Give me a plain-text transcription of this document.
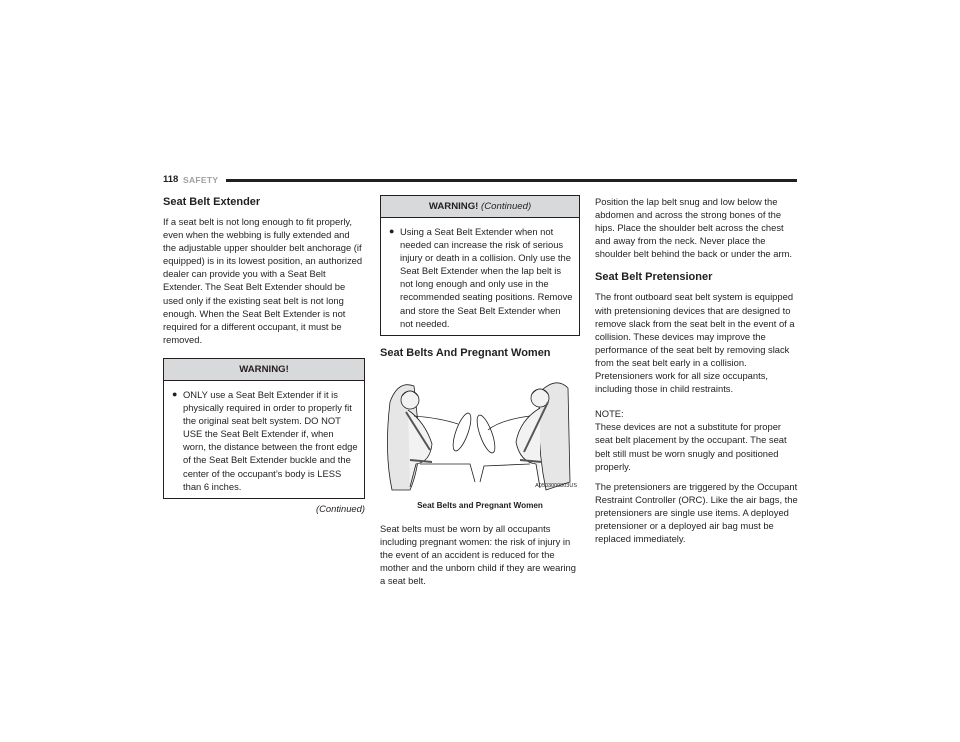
118 SAFETY
Seat Belt Extender

If a seat belt is not long enough to fit properly, even when the webbing is fully extended and the adjustable upper shoulder belt anchorage (if equipped) is in its lowest position, an authorized dealer can provide you with a Seat Belt Extender. The Seat Belt Extender should be used only if the existing seat belt is not long enough. When the Seat Belt Extender is not required for a different occupant, it must be removed.

WARNING!
● ONLY use a Seat Belt Extender if it is physically required in order to properly fit the original seat belt system. DO NOT USE the Seat Belt Extender if, when worn, the distance between the front edge of the Seat Belt Extender buckle and the center of the occupant’s body is LESS than 6 inches.
(Continued)
WARNING! (Continued)
● Using a Seat Belt Extender when not needed can increase the risk of serious injury or death in a collision. Only use the Seat Belt Extender when the lap belt is not long enough and only use in the recommended seating positions. Remove and store the Seat Belt Extender when not needed.
Seat Belts And Pregnant Women
A0503000803US
Seat Belts and Pregnant Women

Seat belts must be worn by all occupants including pregnant women: the risk of injury in the event of an accident is reduced for the mother and the unborn child if they are wearing a seat belt.

Position the lap belt snug and low below the abdomen and across the strong bones of the hips. Place the shoulder belt across the chest and away from the neck. Never place the shoulder belt behind the back or under the arm.

Seat Belt Pretensioner

The front outboard seat belt system is equipped with pretensioning devices that are designed to remove slack from the seat belt in the event of a collision. These devices may improve the performance of the seat belt by removing slack from the seat belt early in a collision. Pretensioners work for all size occupants, including those in child restraints.

NOTE:

These devices are not a substitute for proper seat belt placement by the occupant. The seat belt still must be worn snugly and positioned properly.

The pretensioners are triggered by the Occupant Restraint Controller (ORC). Like the air bags, the pretensioners are single use items. A deployed pretensioner or a deployed air bag must be replaced immediately.
